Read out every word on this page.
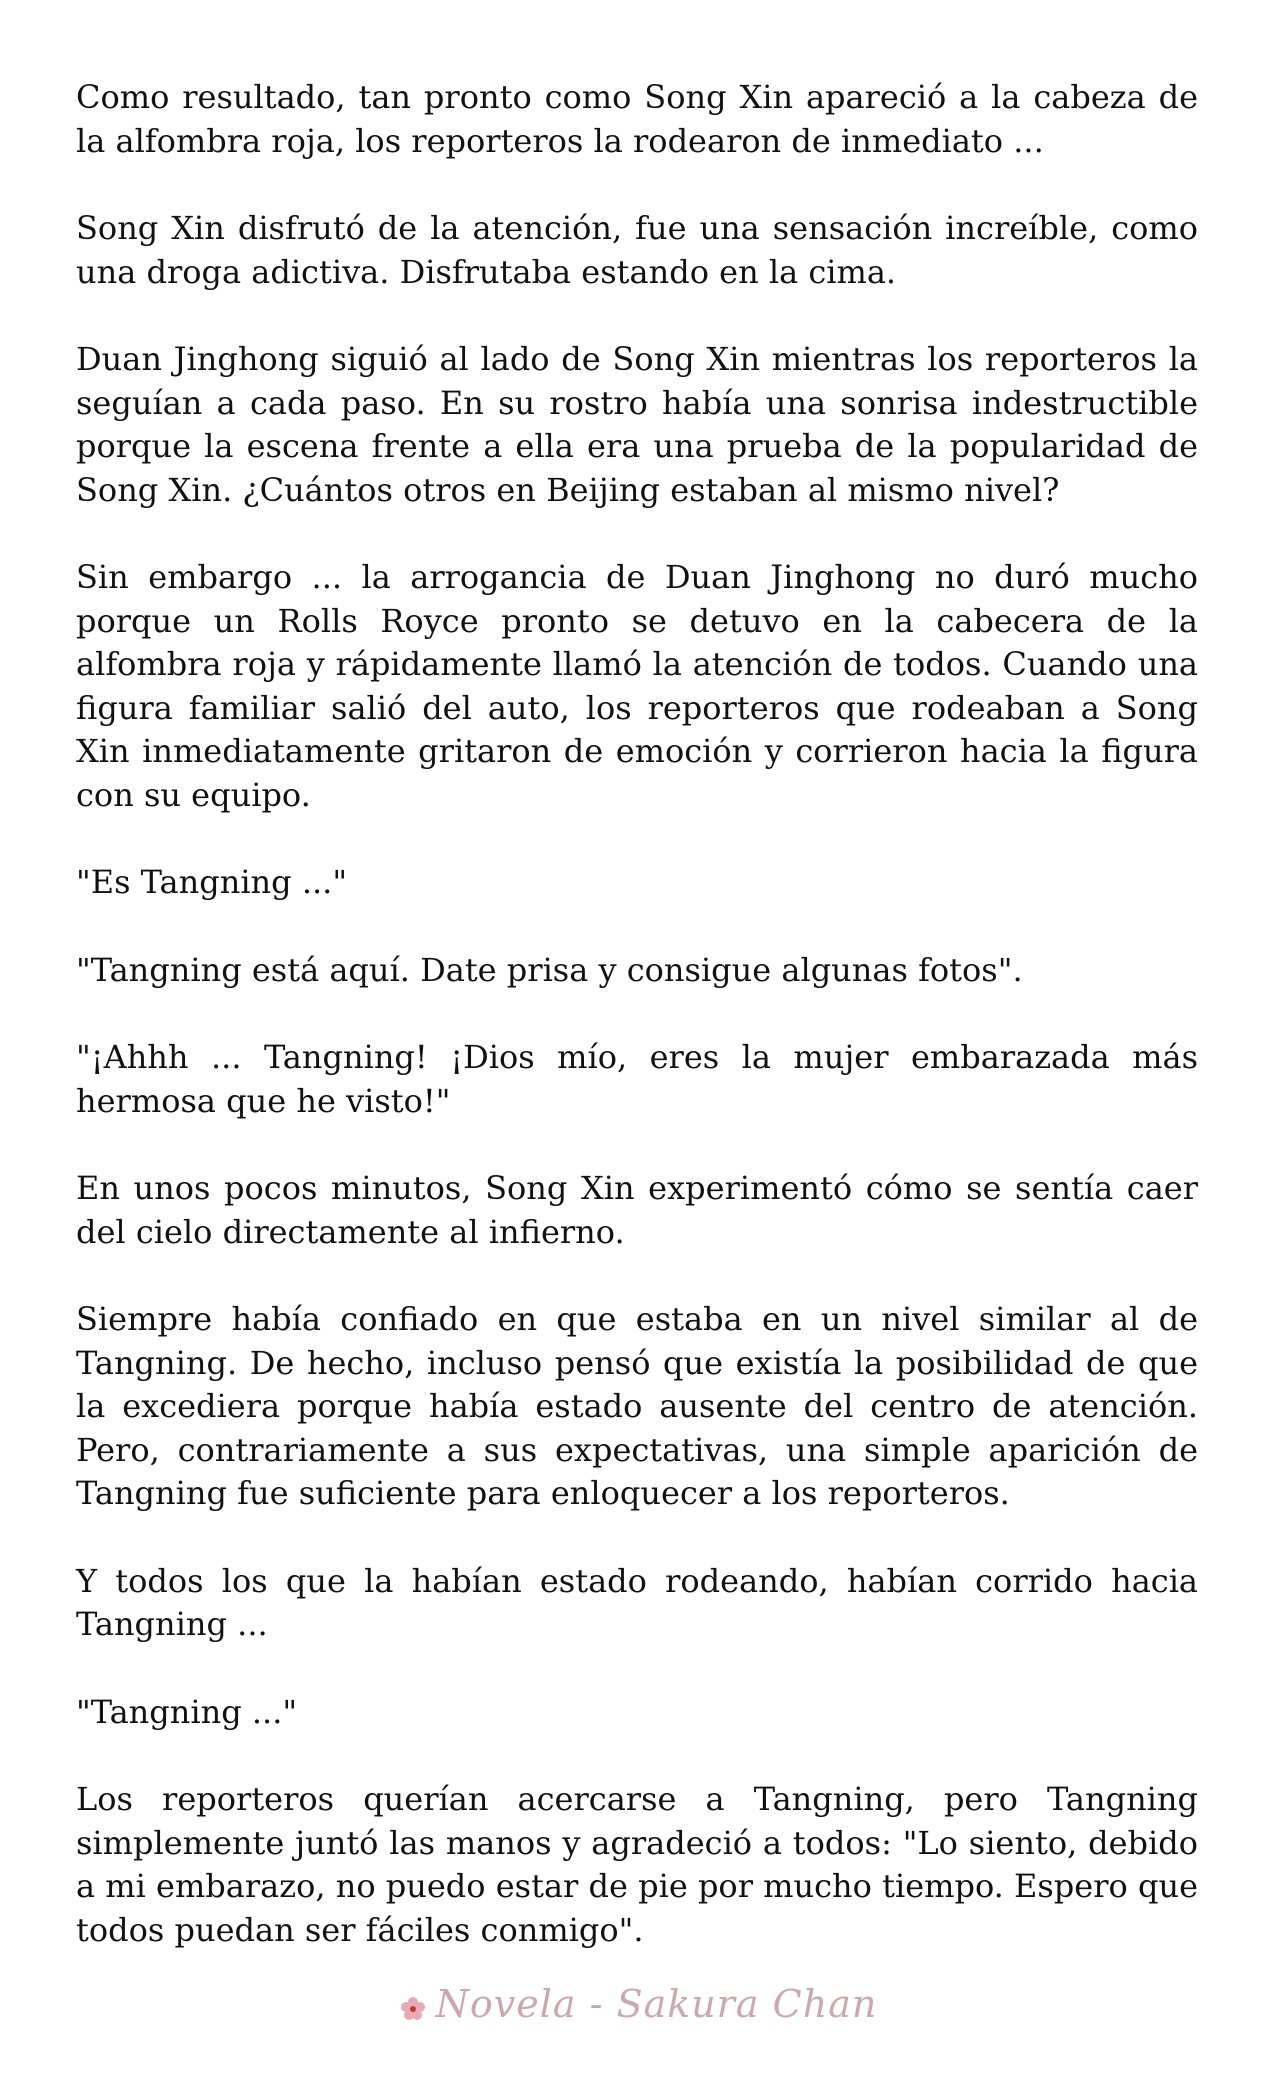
Como resultado, tan pronto como Song Xin apareció a la cabeza de la alfombra roja, los reporteros la rodearon de inmediato ...

Song Xin disfrutó de la atención, fue una sensación increíble, como una droga adictiva. Disfrutaba estando en la cima.

Duan Jinghong siguió al lado de Song Xin mientras los reporteros la seguían a cada paso. En su rostro había una sonrisa indestructible porque la escena frente a ella era una prueba de la popularidad de Song Xin. ¿Cuántos otros en Beijing estaban al mismo nivel?

Sin embargo ... la arrogancia de Duan Jinghong no duró mucho porque un Rolls Royce pronto se detuvo en la cabecera de la alfombra roja y rápidamente llamó la atención de todos. Cuando una figura familiar salió del auto, los reporteros que rodeaban a Song Xin inmediatamente gritaron de emoción y corrieron hacia la figura con su equipo.

"Es Tangning ..."

"Tangning está aquí. Date prisa y consigue algunas fotos".

"¡Ahhh ... Tangning! ¡Dios mío, eres la mujer embarazada más hermosa que he visto!"

En unos pocos minutos, Song Xin experimentó cómo se sentía caer del cielo directamente al infierno.

Siempre había confiado en que estaba en un nivel similar al de Tangning. De hecho, incluso pensó que existía la posibilidad de que la excediera porque había estado ausente del centro de atención. Pero, contrariamente a sus expectativas, una simple aparición de Tangning fue suficiente para enloquecer a los reporteros.

Y todos los que la habían estado rodeando, habían corrido hacia Tangning ...

"Tangning ..."

Los reporteros querían acercarse a Tangning, pero Tangning simplemente juntó las manos y agradeció a todos: "Lo siento, debido a mi embarazo, no puedo estar de pie por mucho tiempo. Espero que todos puedan ser fáciles conmigo".

Novela - Sakura Chan
